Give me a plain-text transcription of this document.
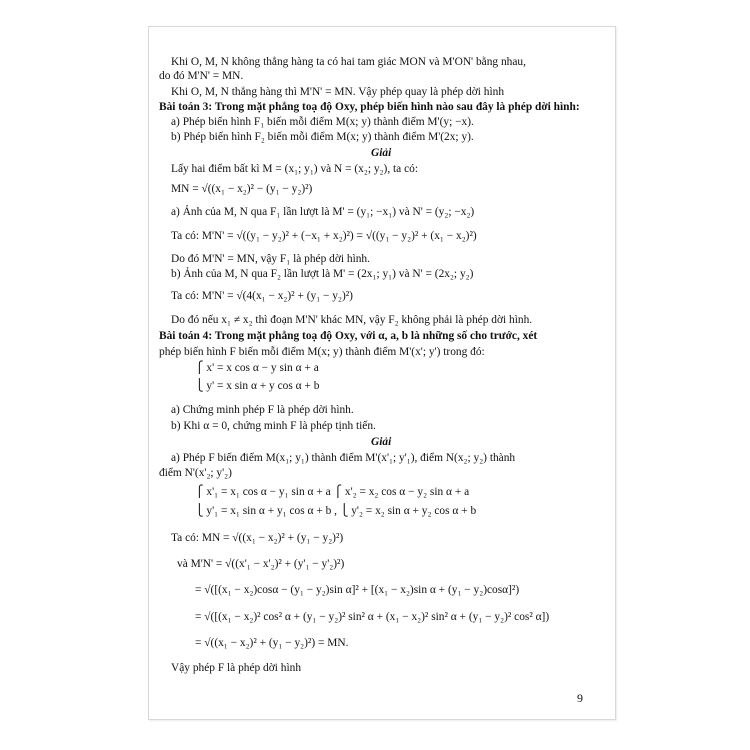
Khi O, M, N không thẳng hàng ta có hai tam giác MON và M'ON' bằng nhau,
do đó M'N' = MN.
Khi O, M, N thẳng hàng thì M'N' = MN. Vậy phép quay là phép dời hình
Bài toán 3: Trong mặt phẳng toạ độ Oxy, phép biến hình nào sau đây là phép dời hình:
a) Phép biến hình F₁ biến mỗi điểm M(x; y) thành điểm M'(y; −x).
b) Phép biến hình F₂ biến mỗi điểm M(x; y) thành điểm M'(2x; y).
Giải
Lấy hai điểm bất kì M = (x₁; y₁) và N = (x₂; y₂), ta có:
MN = √((x₁ − x₂)² − (y₁ − y₂)²)
a) Ảnh của M, N qua F₁ lần lượt là M' = (y₁; −x₁) và N' = (y₂; −x₂)
Ta có: M'N' = √((y₁ − y₂)² + (−x₁ + x₂)²) = √((y₁ − y₂)² + (x₁ − x₂)²)
Do đó M'N' = MN, vậy F₁ là phép dời hình.
b) Ảnh của M, N qua F₂ lần lượt là M' = (2x₁; y₁) và N' = (2x₂; y₂)
Ta có: M'N' = √(4(x₁ − x₂)² + (y₁ − y₂)²)
Do đó nếu x₁ ≠ x₂ thì đoạn M'N' khác MN, vậy F₂ không phải là phép dời hình.
Bài toán 4: Trong mặt phẳng toạ độ Oxy, với α, a, b là những số cho trước, xét
phép biến hình F biến mỗi điểm M(x; y) thành điểm M'(x'; y') trong đó:
⎧ x' = x cos α − y sin α + a
⎩ y' = x sin α + y cos α + b
a) Chứng minh phép F là phép dời hình.
b) Khi α = 0, chứng minh F là phép tịnh tiến.
Giải
a) Phép F biến điểm M(x₁; y₁) thành điểm M'(x'₁; y'₁), điểm N(x₂; y₂) thành
điểm N'(x'₂; y'₂)
⎧ x'₁ = x₁ cos α − y₁ sin α + a ⎧ x'₂ = x₂ cos α − y₂ sin α + a
⎩ y'₁ = x₁ sin α + y₁ cos α + b , ⎩ y'₂ = x₂ sin α + y₂ cos α + b
Ta có: MN = √((x₁ − x₂)² + (y₁ − y₂)²)
và M'N' = √((x'₁ − x'₂)² + (y'₁ − y'₂)²)
= √([(x₁ − x₂)cosα − (y₁ − y₂)sin α]² + [(x₁ − x₂)sin α + (y₁ − y₂)cosα]²)
= √([(x₁ − x₂)² cos² α + (y₁ − y₂)² sin² α + (x₁ − x₂)² sin² α + (y₁ − y₂)² cos² α])
= √((x₁ − x₂)² + (y₁ − y₂)²) = MN.
Vậy phép F là phép dời hình
9
